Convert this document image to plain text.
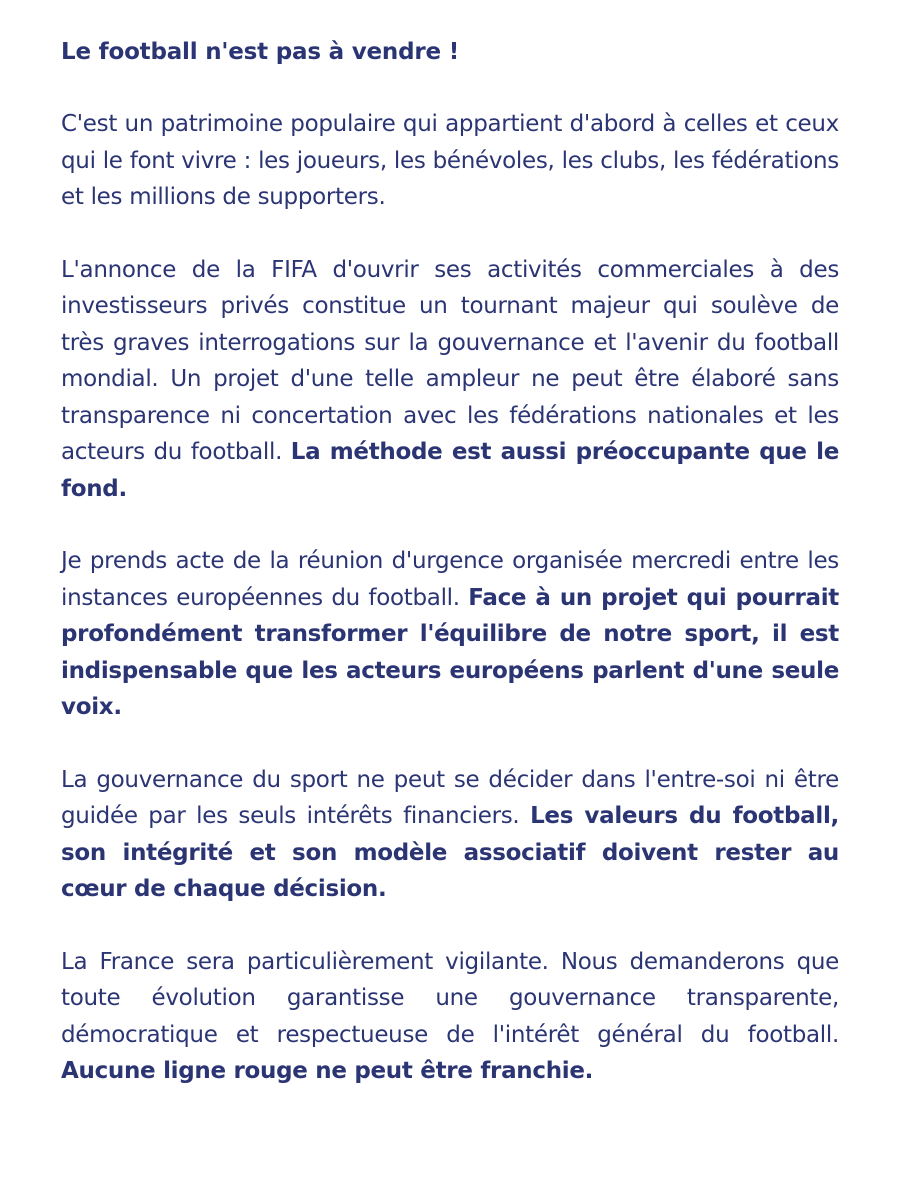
Le football n'est pas à vendre !

C'est un patrimoine populaire qui appartient d'abord à celles et ceux qui le font vivre : les joueurs, les bénévoles, les clubs, les fédérations et les millions de supporters.

L'annonce de la FIFA d'ouvrir ses activités commerciales à des investisseurs privés constitue un tournant majeur qui soulève de très graves interrogations sur la gouvernance et l'avenir du football mondial. Un projet d'une telle ampleur ne peut être élaboré sans transparence ni concertation avec les fédérations nationales et les acteurs du football. La méthode est aussi préoccupante que le fond.

Je prends acte de la réunion d'urgence organisée mercredi entre les instances européennes du football. Face à un projet qui pourrait profondément transformer l'équilibre de notre sport, il est indispensable que les acteurs européens parlent d'une seule voix.

La gouvernance du sport ne peut se décider dans l'entre-soi ni être guidée par les seuls intérêts financiers. Les valeurs du football, son intégrité et son modèle associatif doivent rester au cœur de chaque décision.

La France sera particulièrement vigilante. Nous demanderons que toute évolution garantisse une gouvernance transparente, démocratique et respectueuse de l'intérêt général du football. Aucune ligne rouge ne peut être franchie.
